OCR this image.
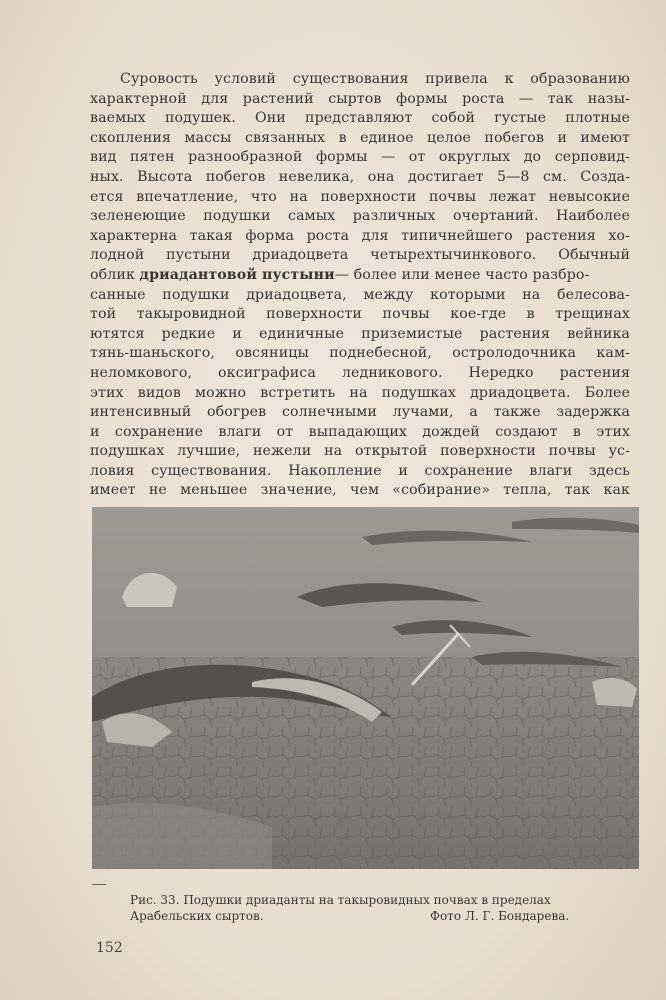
Суровость условий существования привела к образованию
характерной для растений сыртов формы роста — так назы-
ваемых подушек. Они представляют собой густые плотные
скопления массы связанных в единое целое побегов и имеют
вид пятен разнообразной формы — от округлых до серповид-
ных. Высота побегов невелика, она достигает 5—8 см. Созда-
ется впечатление, что на поверхности почвы лежат невысокие
зеленеющие подушки самых различных очертаний. Наиболее
характерна такая форма роста для типичнейшего растения хо-
лодной пустыни дриадоцвета четырехтычинкового. Обычный
облик дриадантовой пустыни— более или менее часто разбро-
санные подушки дриадоцвета, между которыми на белесова-
той такыровидной поверхности почвы кое-где в трещинах
ютятся редкие и единичные приземистые растения вейника
тянь-шаньского, овсяницы поднебесной, остролодочника кам-
неломкового, оксиграфиса ледникового. Нередко растения
этих видов можно встретить на подушках дриадоцвета. Более
интенсивный обогрев солнечными лучами, а также задержка
и сохранение влаги от выпадающих дождей создают в этих
подушках лучшие, нежели на открытой поверхности почвы ус-
ловия существования. Накопление и сохранение влаги здесь
имеет не меньшее значение, чем «собирание» тепла, так как
Рис. 33. Подушки дриаданты на такыровидных почвах в пределах
Арабельских сыртов.	Фото Л. Г. Бондарева.
152
